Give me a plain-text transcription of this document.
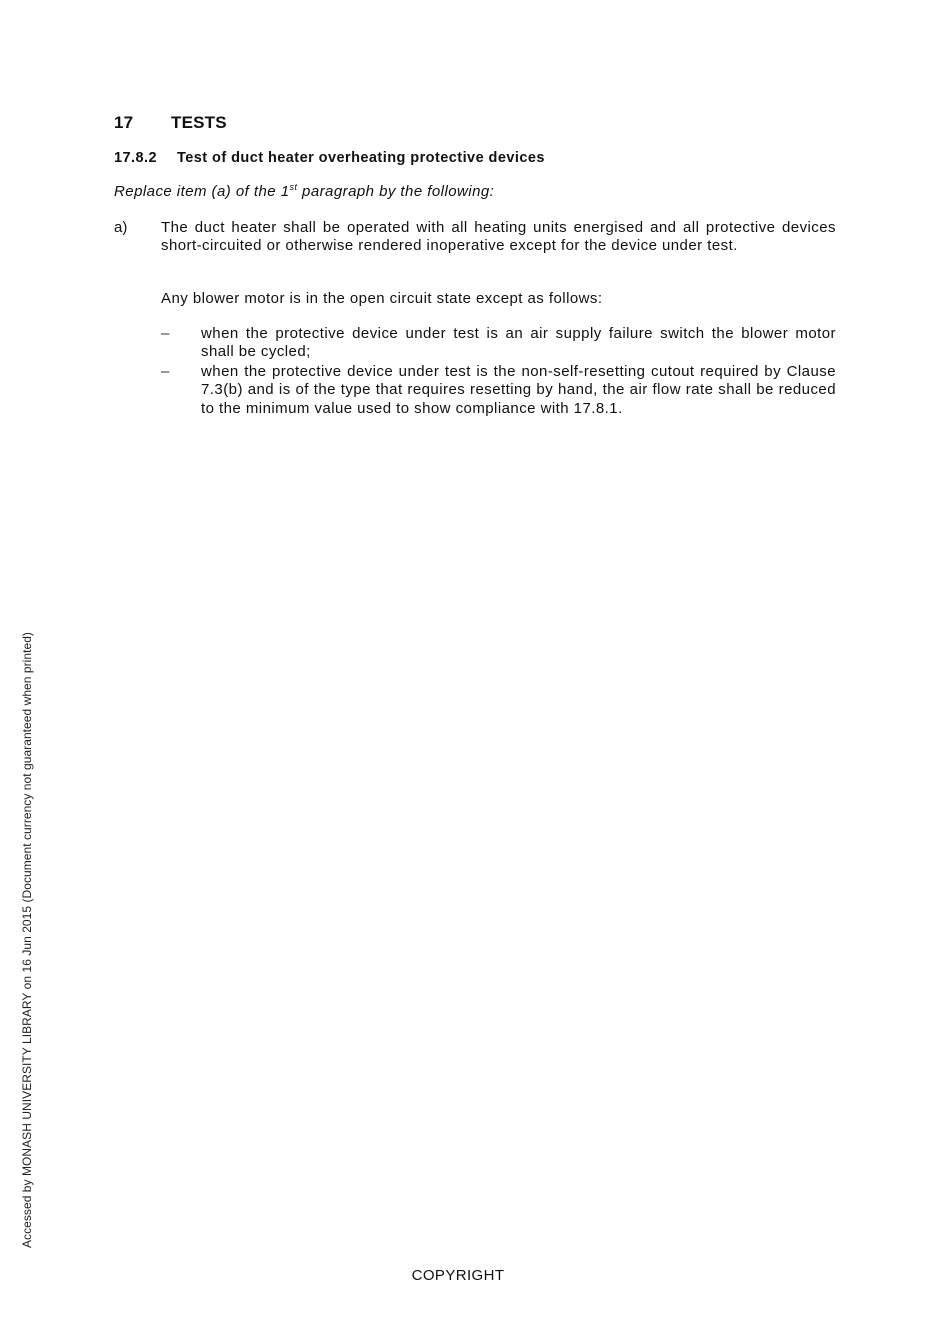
17 TESTS
17.8.2 Test of duct heater overheating protective devices
Replace item (a) of the 1st paragraph by the following:
a) The duct heater shall be operated with all heating units energised and all protective devices short-circuited or otherwise rendered inoperative except for the device under test.
Any blower motor is in the open circuit state except as follows:
– when the protective device under test is an air supply failure switch the blower motor shall be cycled;
– when the protective device under test is the non-self-resetting cutout required by Clause 7.3(b) and is of the type that requires resetting by hand, the air flow rate shall be reduced to the minimum value used to show compliance with 17.8.1.
Accessed by MONASH UNIVERSITY LIBRARY on 16 Jun 2015 (Document currency not guaranteed when printed)
COPYRIGHT
